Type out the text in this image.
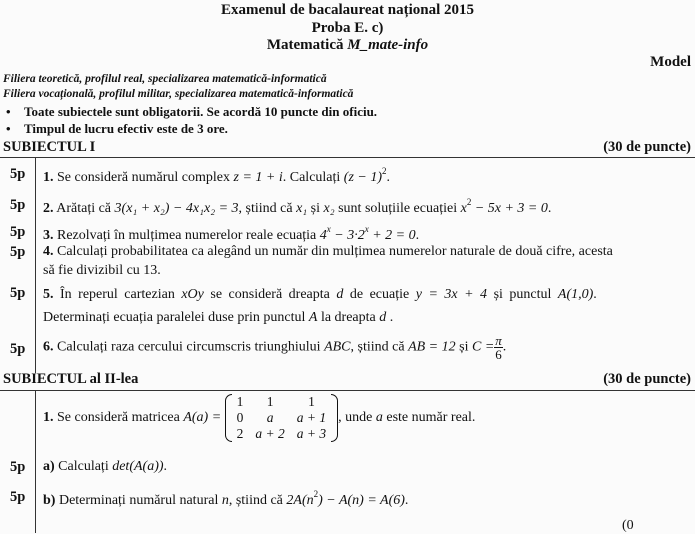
Examenul de bacalaureat național 2015
Proba E. c)
Matematică M_mate-info
Model
Filiera teoretică, profilul real, specializarea matematică-informatică
Filiera vocațională, profilul militar, specializarea matematică-informatică
• Toate subiectele sunt obligatorii. Se acordă 10 puncte din oficiu.
• Timpul de lucru efectiv este de 3 ore.
SUBIECTUL I	(30 de puncte)
5p 1. Se consideră numărul complex z = 1 + i. Calculați $(z - 1)^2$.
5p 2. Arătați că 3(x₁ + x₂) − 4x₁x₂ = 3, știind că x₁ și x₂ sunt soluțiile ecuației $x^2 - 5x + 3 = 0$.
5p 3. Rezolvați în mulțimea numerelor reale ecuația $4^x - 3\cdot 2^x + 2 = 0$.
5p 4. Calculați probabilitatea ca alegând un număr din mulțimea numerelor naturale de două cifre, acesta
să fie divizibil cu 13.
5p 5. În reperul cartezian xOy se consideră dreapta d de ecuație y = 3x + 4 și punctul A(1,0).
Determinați ecuația paralelei duse prin punctul A la dreapta d .
5p 6. Calculați raza cercului circumscris triunghiului ABC, știind că AB = 12 și $C = \frac{\pi}{6}$ .
SUBIECTUL al II-lea	(30 de puncte)
1. Se consideră matricea A(a) =
1	1	1
0	a	a + 1
2	a + 2	a + 3
, unde a este număr real.
5p a) Calculați det(A(a)).
5p b) Determinați numărul natural n, știind că $2A(n^2) - A(n) = A(6)$.
(0
